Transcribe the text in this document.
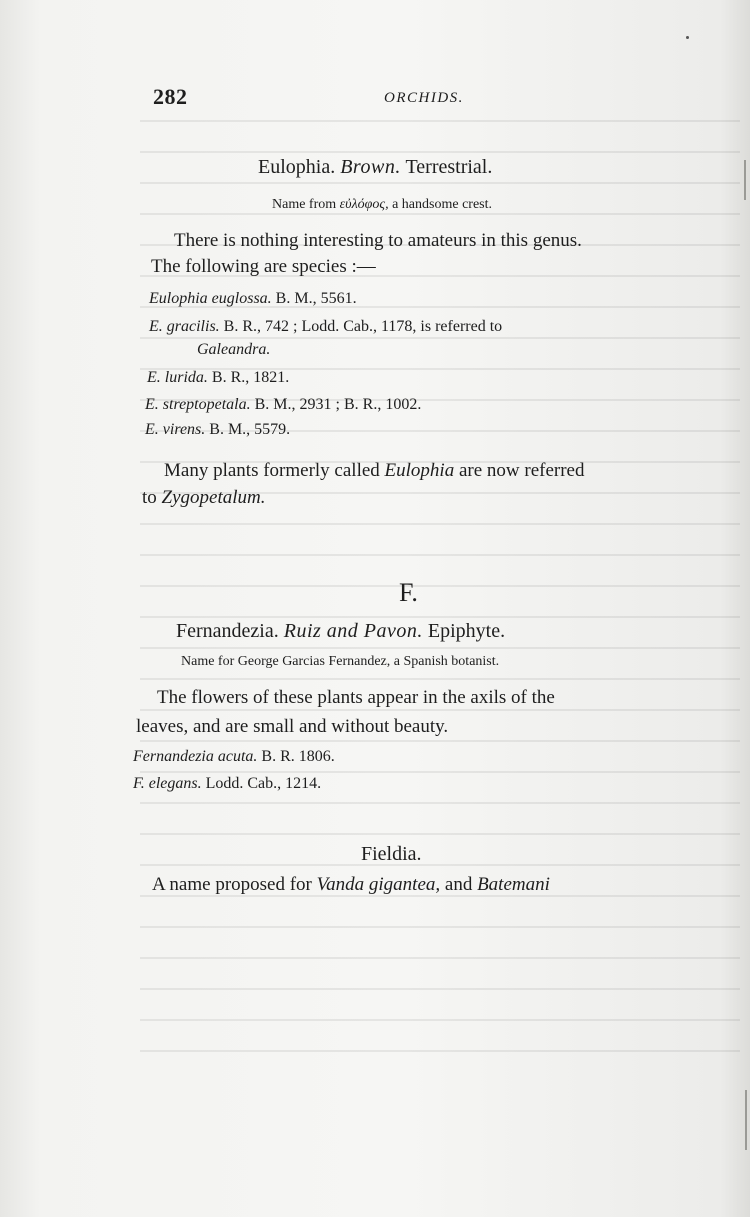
282	ORCHIDS.
Eulophia. Brown. Terrestrial.
Name from εὐλόφος, a handsome crest.
There is nothing interesting to amateurs in this genus.
The following are species :—
Eulophia euglossa. B. M., 5561.
E. gracilis. B. R., 742 ; Lodd. Cab., 1178, is referred to
Galeandra.
E. lurida. B. R., 1821.
E. streptopetala. B. M., 2931 ; B. R., 1002.
E. virens. B. M., 5579.
Many plants formerly called Eulophia are now referred
to Zygopetalum.
F.
Fernandezia. Ruiz and Pavon. Epiphyte.
Name for George Garcias Fernandez, a Spanish botanist.
The flowers of these plants appear in the axils of the
leaves, and are small and without beauty.
Fernandezia acuta. B. R. 1806.
F. elegans. Lodd. Cab., 1214.
Fieldia.
A name proposed for Vanda gigantea, and Batemani
